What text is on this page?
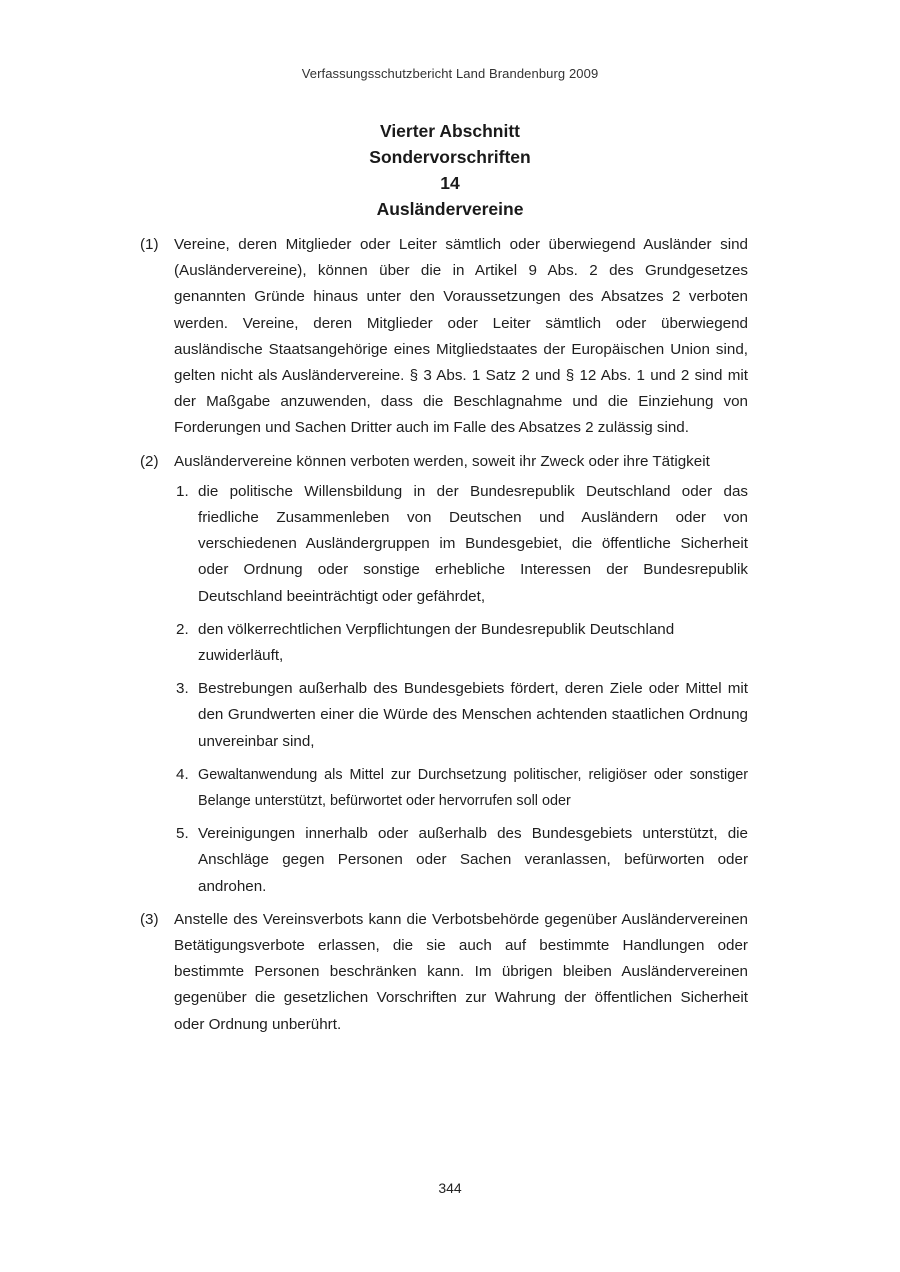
Verfassungsschutzbericht Land Brandenburg 2009
Vierter Abschnitt
Sondervorschriften
14
Ausländervereine
(1) Vereine, deren Mitglieder oder Leiter sämtlich oder überwiegend Ausländer sind (Ausländervereine), können über die in Artikel 9 Abs. 2 des Grundgesetzes genannten Gründe hinaus unter den Voraussetzungen des Absatzes 2 verboten werden. Vereine, deren Mitglieder oder Leiter sämtlich oder überwiegend ausländische Staatsangehörige eines Mitgliedstaates der Europäischen Union sind, gelten nicht als Ausländervereine. § 3 Abs. 1 Satz 2 und § 12 Abs. 1 und 2 sind mit der Maßgabe anzuwenden, dass die Beschlagnahme und die Einziehung von Forderungen und Sachen Dritter auch im Falle des Absatzes 2 zulässig sind.
(2) Ausländervereine können verboten werden, soweit ihr Zweck oder ihre Tätigkeit
1. die politische Willensbildung in der Bundesrepublik Deutschland oder das friedliche Zusammenleben von Deutschen und Ausländern oder von verschiedenen Ausländergruppen im Bundesgebiet, die öffentliche Sicherheit oder Ordnung oder sonstige erhebliche Interessen der Bundesrepublik Deutschland beeinträchtigt oder gefährdet,
2. den völkerrechtlichen Verpflichtungen der Bundesrepublik Deutschland zuwiderläuft,
3. Bestrebungen außerhalb des Bundesgebiets fördert, deren Ziele oder Mittel mit den Grundwerten einer die Würde des Menschen achtenden staatlichen Ordnung unvereinbar sind,
4. Gewaltanwendung als Mittel zur Durchsetzung politischer, religiöser oder sonstiger Belange unterstützt, befürwortet oder hervorrufen soll oder
5. Vereinigungen innerhalb oder außerhalb des Bundesgebiets unterstützt, die Anschläge gegen Personen oder Sachen veranlassen, befürworten oder androhen.
(3) Anstelle des Vereinsverbots kann die Verbotsbehörde gegenüber Ausländervereinen Betätigungsverbote erlassen, die sie auch auf bestimmte Handlungen oder bestimmte Personen beschränken kann. Im übrigen bleiben Ausländervereinen gegenüber die gesetzlichen Vorschriften zur Wahrung der öffentlichen Sicherheit oder Ordnung unberührt.
344
